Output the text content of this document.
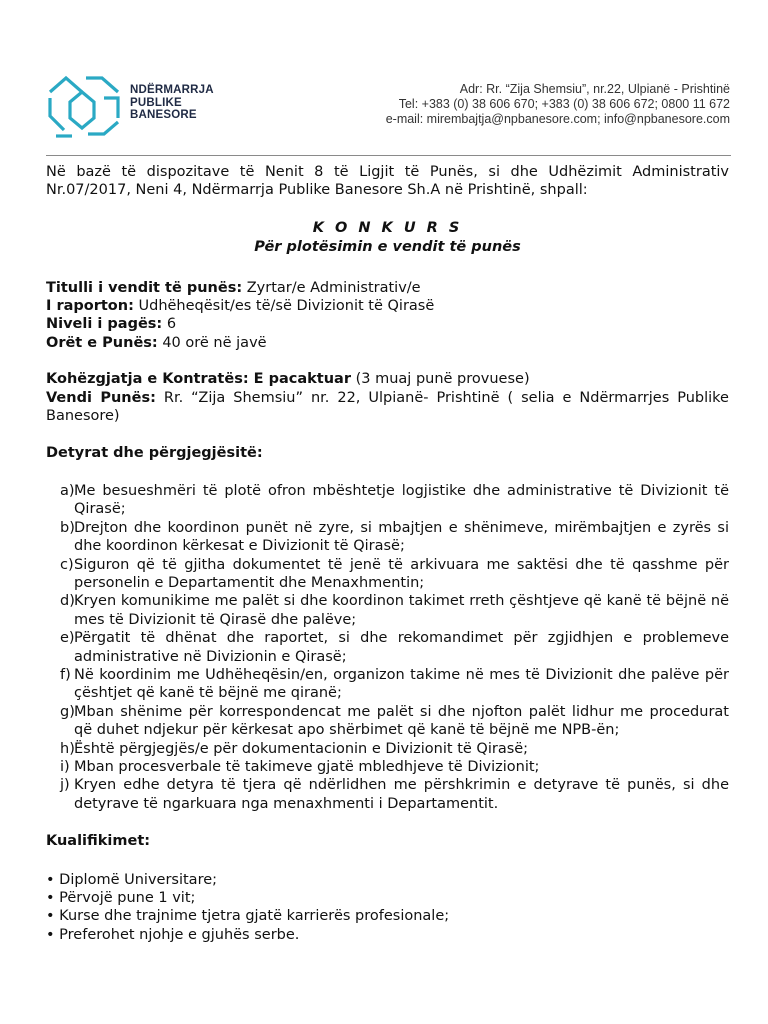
NDËRMARRJA
PUBLIKE
BANESORE
Adr: Rr. “Zija Shemsiu”, nr.22, Ulpianë - Prishtinë
Tel: +383 (0) 38 606 670; +383 (0) 38 606 672; 0800 11 672
e-mail: mirembajtja@npbanesore.com; info@npbanesore.com

Në bazë të dispozitave të Nenit 8 të Ligjit të Punës, si dhe Udhëzimit Administrativ Nr.07/2017, Neni 4, Ndërmarrja Publike Banesore Sh.A në Prishtinë, shpall:

K O N K U R S
Për plotësimin e vendit të punës
Titulli i vendit të punës: Zyrtar/e Administrativ/e
I raporton: Udhëheqësit/es të/së Divizionit të Qirasë
Niveli i pagës: 6
Orët e Punës: 40 orë në javë
Kohëzgjatja e Kontratës: E pacaktuar (3 muaj punë provuese)
Vendi Punës: Rr. “Zija Shemsiu” nr. 22, Ulpianë- Prishtinë ( selia e Ndërmarrjes Publike Banesore)
Detyrat dhe përgjegjësitë:
a) Me besueshmëri të plotë ofron mbështetje logjistike dhe administrative të Divizionit të Qirasë;
b) Drejton dhe koordinon punët në zyre, si mbajtjen e shënimeve, mirëmbajtjen e zyrës si dhe koordinon kërkesat e Divizionit të Qirasë;
c) Siguron që të gjitha dokumentet të jenë të arkivuara me saktësi dhe të qasshme për personelin e Departamentit dhe Menaxhmentin;
d) Kryen komunikime me palët si dhe koordinon takimet rreth çështjeve që kanë të bëjnë në mes të Divizionit të Qirasë dhe palëve;
e) Përgatit të dhënat dhe raportet, si dhe rekomandimet për zgjidhjen e problemeve administrative në Divizionin e Qirasë;
f) Në koordinim me Udhëheqësin/en, organizon takime në mes të Divizionit dhe palëve për çështjet që kanë të bëjnë me qiranë;
g) Mban shënime për korrespondencat me palët si dhe njofton palët lidhur me procedurat që duhet ndjekur për kërkesat apo shërbimet që kanë të bëjnë me NPB-ën;
h) Është përgjegjës/e për dokumentacionin e Divizionit të Qirasë;
i) Mban procesverbale të takimeve gjatë mbledhjeve të Divizionit;
j) Kryen edhe detyra të tjera që ndërlidhen me përshkrimin e detyrave të punës, si dhe detyrave të ngarkuara nga menaxhmenti i Departamentit.
Kualifikimet:
• Diplomë Universitare;
• Përvojë pune 1 vit;
• Kurse dhe trajnime tjetra gjatë karrierës profesionale;
• Preferohet njohje e gjuhës serbe.
